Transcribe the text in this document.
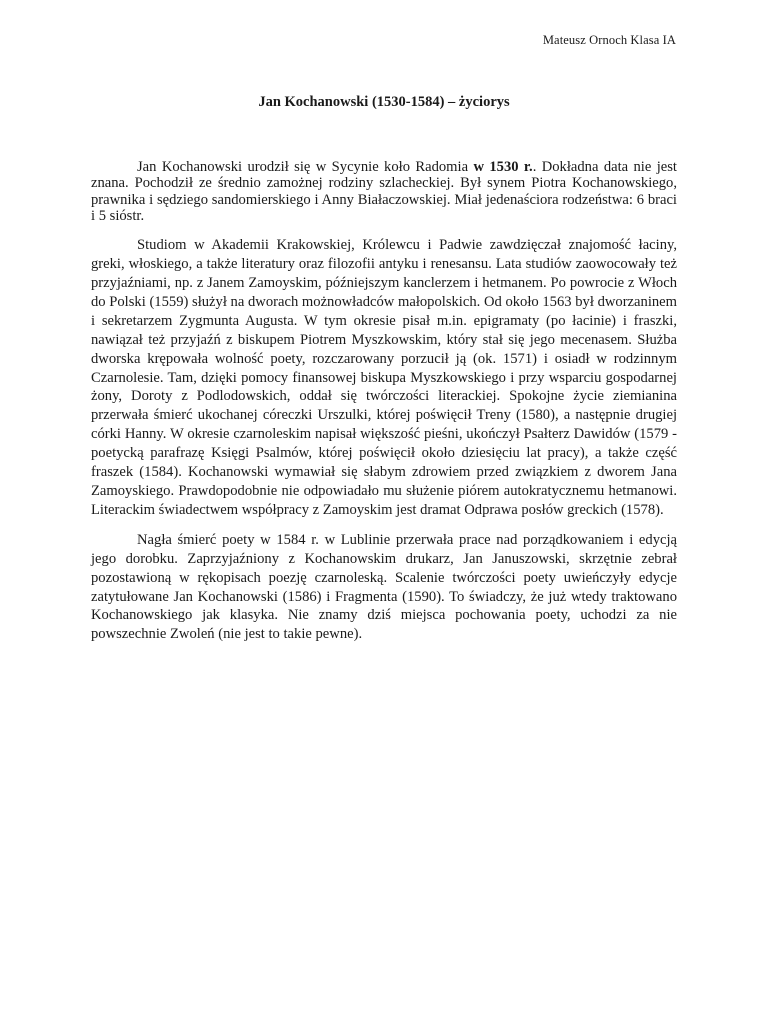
Mateusz Ornoch Klasa IA
Jan Kochanowski (1530-1584) – życiorys

Jan Kochanowski urodził się w Sycynie koło Radomia w 1530 r.. Dokładna data nie jest znana. Pochodził ze średnio zamożnej rodziny szlacheckiej. Był synem Piotra Kochanowskiego, prawnika i sędziego sandomierskiego i Anny Białaczowskiej. Miał jedenaściora rodzeństwa: 6 braci i 5 sióstr.

Studiom w Akademii Krakowskiej, Królewcu i Padwie zawdzięczał znajomość łaciny, greki, włoskiego, a także literatury oraz filozofii antyku i renesansu. Lata studiów zaowocowały też przyjaźniami, np. z Janem Zamoyskim, późniejszym kanclerzem i hetmanem. Po powrocie z Włoch do Polski (1559) służył na dworach możnowładców małopolskich. Od około 1563 był dworzaninem i sekretarzem Zygmunta Augusta. W tym okresie pisał m.in. epigramaty (po łacinie) i fraszki, nawiązał też przyjaźń z biskupem Piotrem Myszkowskim, który stał się jego mecenasem. Służba dworska krępowała wolność poety, rozczarowany porzucił ją (ok. 1571) i osiadł w rodzinnym Czarnolesie. Tam, dzięki pomocy finansowej biskupa Myszkowskiego i przy wsparciu gospodarnej żony, Doroty z Podlodowskich, oddał się twórczości literackiej. Spokojne życie ziemianina przerwała śmierć ukochanej córeczki Urszulki, której poświęcił Treny (1580), a następnie drugiej córki Hanny. W okresie czarnoleskim napisał większość pieśni, ukończył Psałterz Dawidów (1579 - poetycką parafrazę Księgi Psalmów, której poświęcił około dziesięciu lat pracy), a także część fraszek (1584). Kochanowski wymawiał się słabym zdrowiem przed związkiem z dworem Jana Zamoyskiego. Prawdopodobnie nie odpowiadało mu służenie piórem autokratycznemu hetmanowi. Literackim świadectwem współpracy z Zamoyskim jest dramat Odprawa posłów greckich (1578).

Nagła śmierć poety w 1584 r. w Lublinie przerwała prace nad porządkowaniem i edycją jego dorobku. Zaprzyjaźniony z Kochanowskim drukarz, Jan Januszowski, skrzętnie zebrał pozostawioną w rękopisach poezję czarnoleską. Scalenie twórczości poety uwieńczyły edycje zatytułowane Jan Kochanowski (1586) i Fragmenta (1590). To świadczy, że już wtedy traktowano Kochanowskiego jak klasyka. Nie znamy dziś miejsca pochowania poety, uchodzi za nie powszechnie Zwoleń (nie jest to takie pewne).
